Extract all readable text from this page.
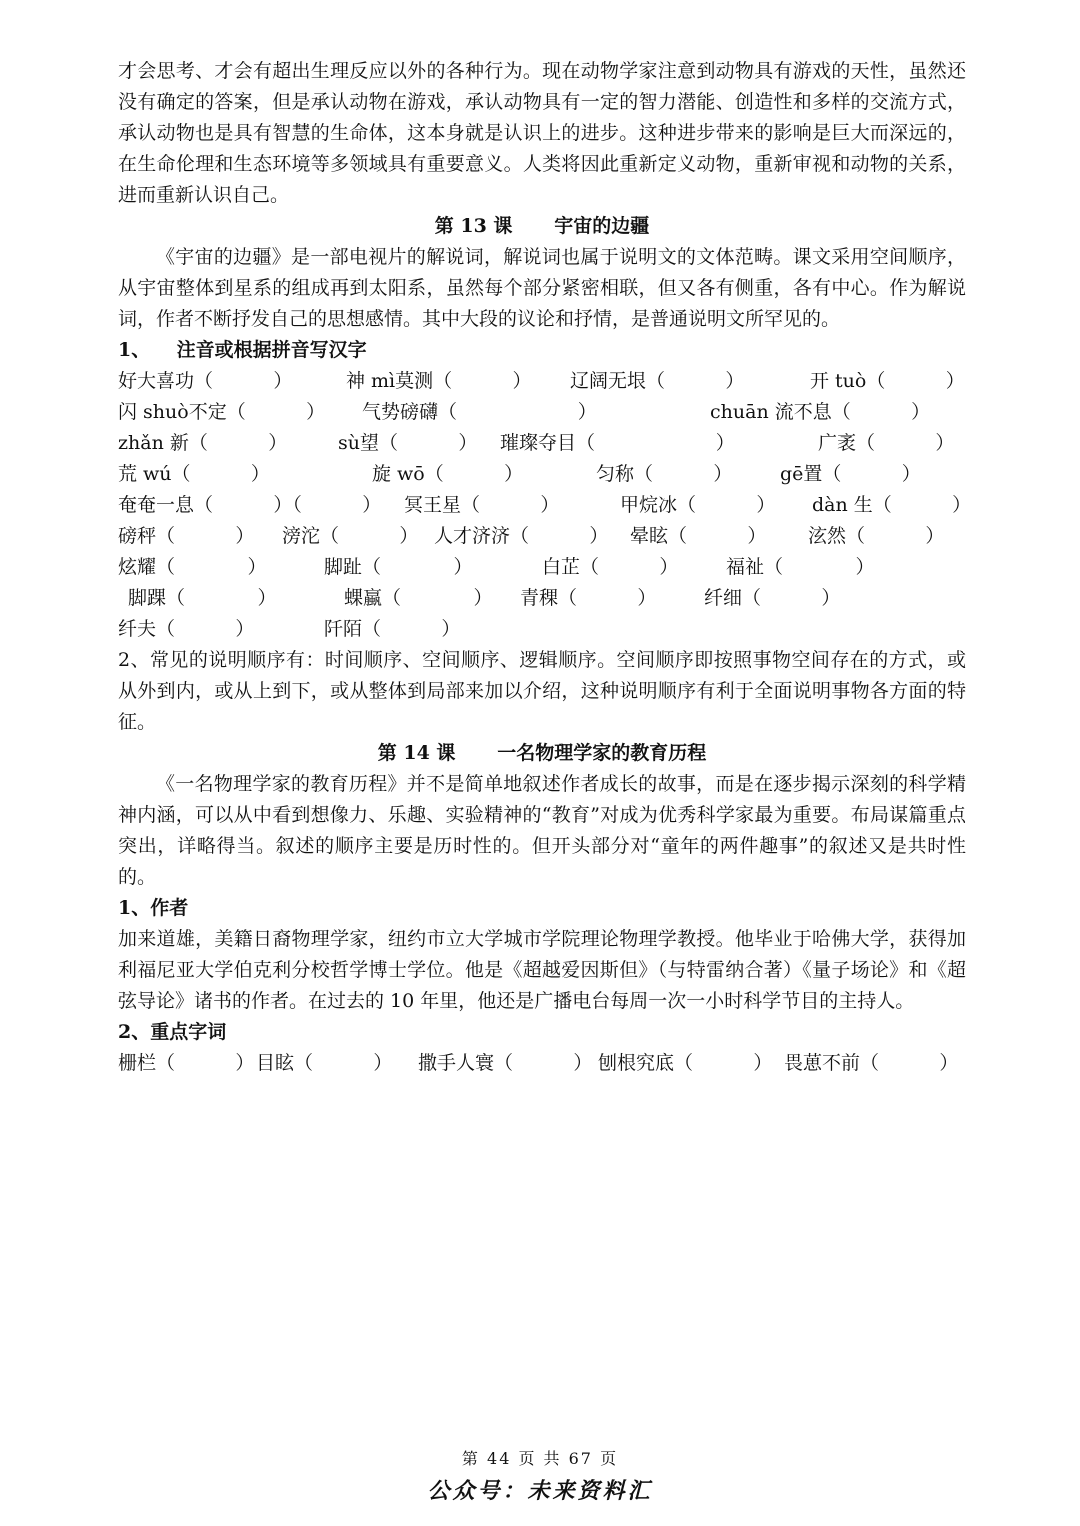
才会思考、才会有超出生理反应以外的各种行为。现在动物学家注意到动物具有游戏的天性，虽然还没有确定的答案，但是承认动物在游戏，承认动物具有一定的智力潜能、创造性和多样的交流方式，承认动物也是具有智慧的生命体，这本身就是认识上的进步。这种进步带来的影响是巨大而深远的，在生命伦理和生态环境等多领域具有重要意义。人类将因此重新定义动物，重新审视和动物的关系，进而重新认识自己。

第 13 课 宇宙的边疆

《宇宙的边疆》是一部电视片的解说词，解说词也属于说明文的文体范畴。课文采用空间顺序，从宇宙整体到星系的组成再到太阳系，虽然每个部分紧密相联，但又各有侧重，各有中心。作为解说词，作者不断抒发自己的思想感情。其中大段的议论和抒情，是普通说明文所罕见的。

1、    注音或根据拼音写汉字

好大喜功（          ）	神 mì莫测（          ） 辽阔无垠（          ）	开 tuò（          ）
闪 shuò不定（          ） 气势磅礴（                    ）	chuān 流不息（          ）
zhǎn 新（          ）	sù望（          ） 璀璨夺目（                    ）	广袤（          ）
荒 wú（          ）	旋 wō（          ）	匀称（          ）	gē置（          ）
奄奄一息（          ）（          ） 冥王星（          ）	甲烷冰（          ） dàn 生（          ）
磅秤（          ） 滂沱（          ） 人才济济（          ） 晕眩（          ） 泫然（          ）
炫耀（            ）	脚趾（            ）	白芷（          ）	福祉（            ）
脚踝（            ）	蜾蠃（            ） 青稞（          ）	纤细（          ）
纤夫（          ）	阡陌（          ）

2、常见的说明顺序有：时间顺序、空间顺序、逻辑顺序。空间顺序即按照事物空间存在的方式，或从外到内，或从上到下，或从整体到局部来加以介绍，这种说明顺序有利于全面说明事物各方面的特征。

第 14 课 一名物理学家的教育历程

《一名物理学家的教育历程》并不是简单地叙述作者成长的故事，而是在逐步揭示深刻的科学精神内涵，可以从中看到想像力、乐趣、实验精神的“教育”对成为优秀科学家最为重要。布局谋篇重点突出，详略得当。叙述的顺序主要是历时性的。但开头部分对“童年的两件趣事”的叙述又是共时性的。

1、作者

加来道雄，美籍日裔物理学家，纽约市立大学城市学院理论物理学教授。他毕业于哈佛大学，获得加利福尼亚大学伯克利分校哲学博士学位。他是《超越爱因斯但》（与特雷纳合著）《量子场论》和《超弦导论》诸书的作者。在过去的 10 年里，他还是广播电台每周一次一小时科学节目的主持人。

2、重点字词

栅栏（          ） 目眩（          ） 撒手人寰（          ） 刨根究底（          ） 畏葸不前（          ）
第 44 页 共 67 页
公众号：未来资料汇
